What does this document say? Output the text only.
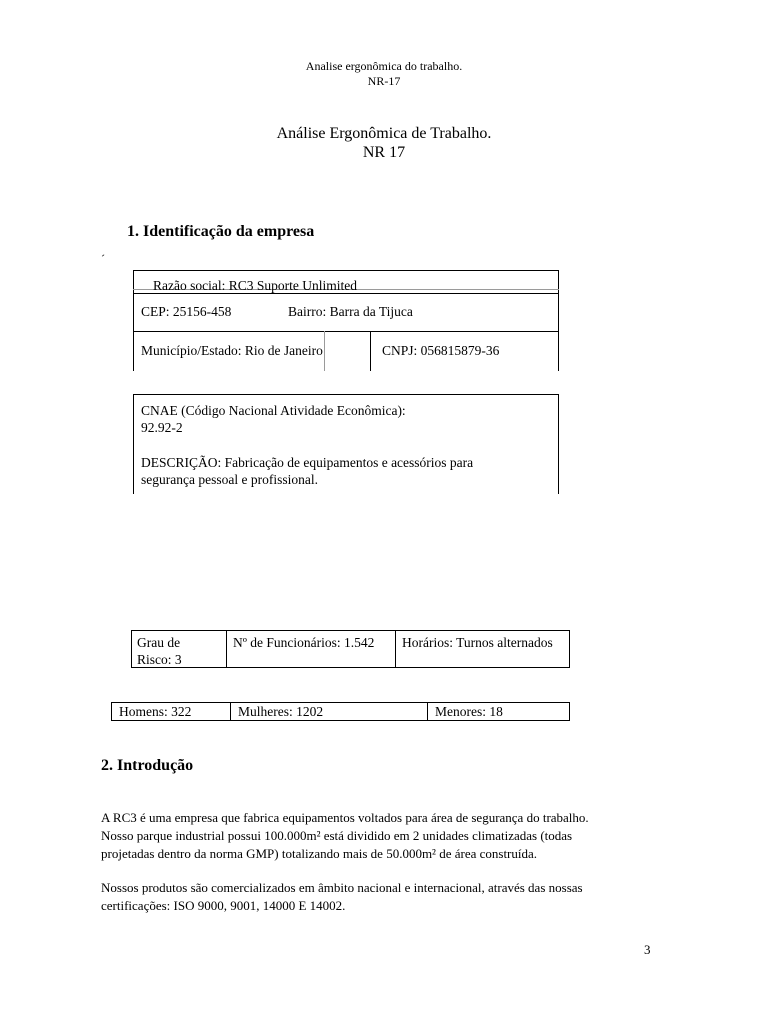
Analise ergonômica do trabalho.
NR-17
Análise Ergonômica de Trabalho.
NR 17
1. Identificação da empresa
´
Razão social: RC3 Suporte Unlimited
CEP: 25156-458	Bairro: Barra da Tijuca
Município/Estado: Rio de Janeiro	CNPJ: 056815879-36
CNAE (Código Nacional Atividade Econômica):
92.92-2
DESCRIÇÃO: Fabricação de equipamentos e acessórios para
segurança pessoal e profissional.
Grau de
Risco: 3
Nº de Funcionários: 1.542 Horários: Turnos alternados
Homens: 322	Mulheres: 1202	Menores: 18
2. Introdução
A RC3 é uma empresa que fabrica equipamentos voltados para área de segurança do trabalho.
Nosso parque industrial possui 100.000m² está dividido em 2 unidades climatizadas (todas
projetadas dentro da norma GMP) totalizando mais de 50.000m² de área construída.
Nossos produtos são comercializados em âmbito nacional e internacional, através das nossas
certificações: ISO 9000, 9001, 14000 E 14002.
3
